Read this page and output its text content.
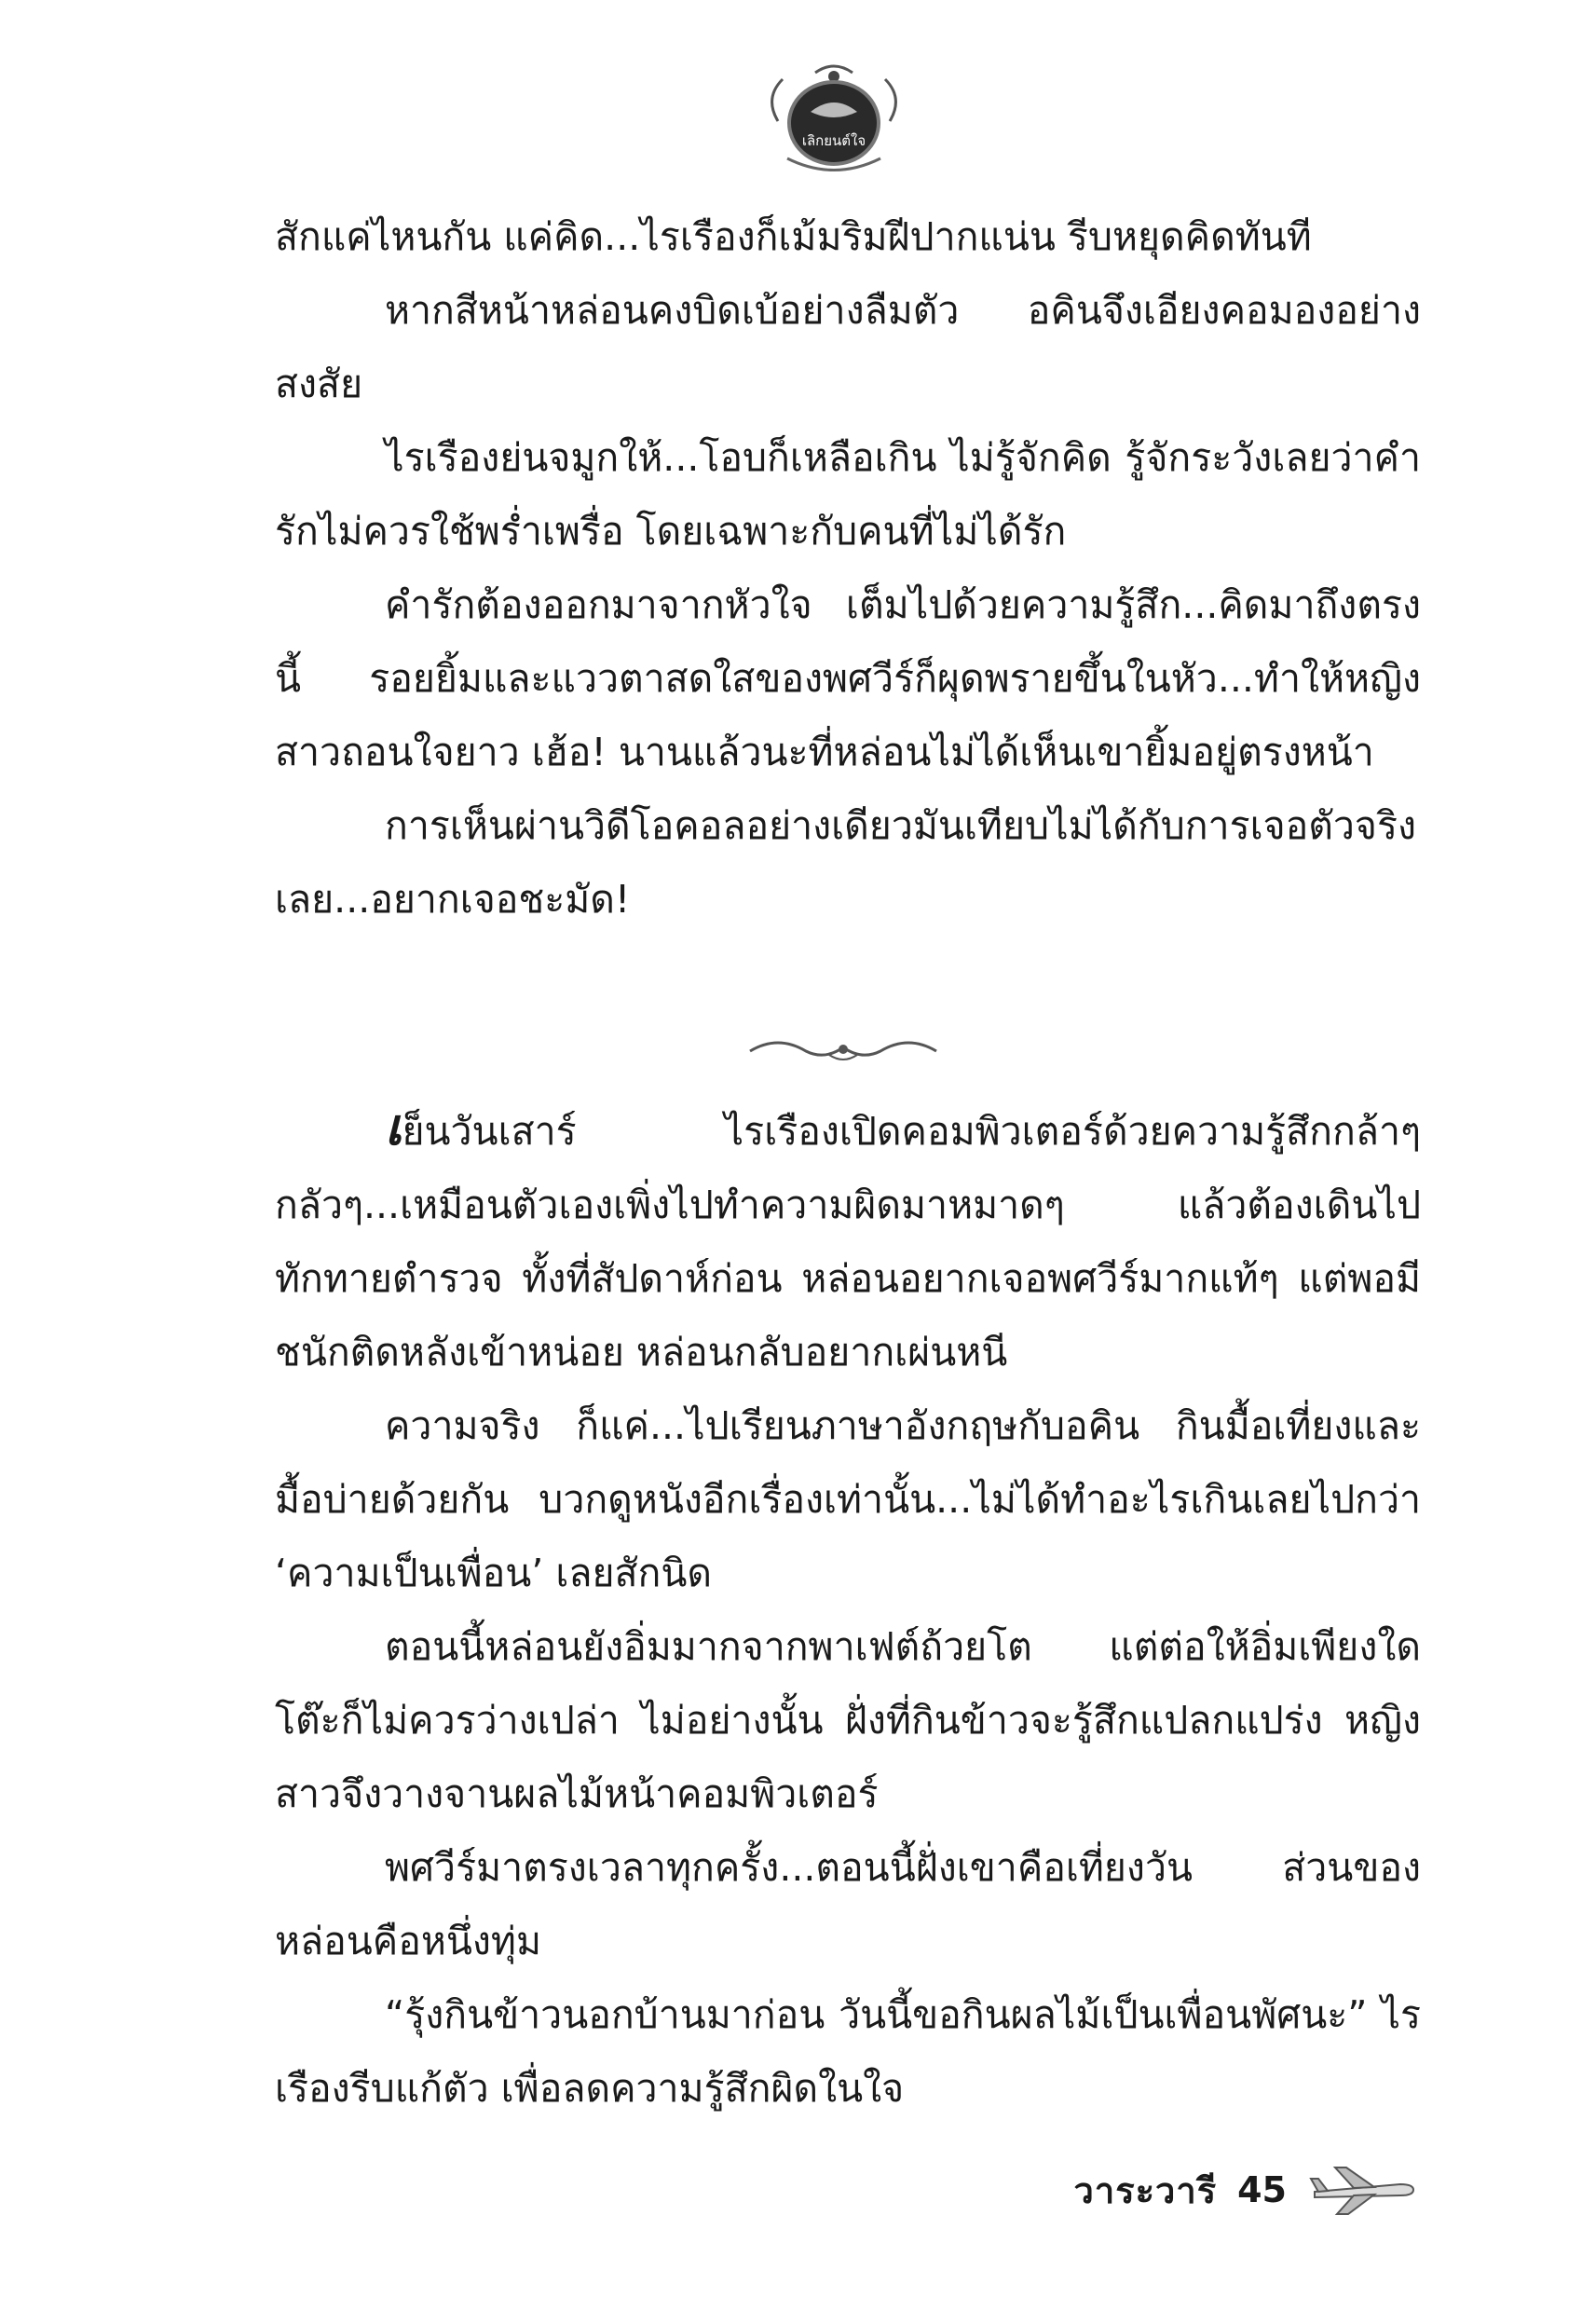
เลิกยนต์ใจ

สักแค่ไหนกัน แค่คิด...ไรเรืองก็เม้มริมฝีปากแน่น รีบหยุดคิดทันที

หากสีหน้าหล่อนคงบิดเบ้อย่างลืมตัว อคินจึงเอียงคอมองอย่างสงสัย

ไรเรืองย่นจมูกให้...โอบก็เหลือเกิน ไม่รู้จักคิด รู้จักระวังเลยว่าคำรักไม่ควรใช้พร่ำเพรื่อ โดยเฉพาะกับคนที่ไม่ได้รัก

คำรักต้องออกมาจากหัวใจ เต็มไปด้วยความรู้สึก...คิดมาถึงตรงนี้ รอยยิ้มและแววตาสดใสของพศวีร์ก็ผุดพรายขึ้นในหัว...ทำให้หญิงสาวถอนใจยาว เฮ้อ! นานแล้วนะที่หล่อนไม่ได้เห็นเขายิ้มอยู่ตรงหน้า

การเห็นผ่านวิดีโอคอลอย่างเดียวมันเทียบไม่ได้กับการเจอตัวจริงเลย...อยากเจอชะมัด!

เย็นวันเสาร์ ไรเรืองเปิดคอมพิวเตอร์ด้วยความรู้สึกกล้าๆ กลัวๆ...เหมือนตัวเองเพิ่งไปทำความผิดมาหมาดๆ แล้วต้องเดินไปทักทายตำรวจ ทั้งที่สัปดาห์ก่อน หล่อนอยากเจอพศวีร์มากแท้ๆ แต่พอมีชนักติดหลังเข้าหน่อย หล่อนกลับอยากเผ่นหนี

ความจริง ก็แค่...ไปเรียนภาษาอังกฤษกับอคิน กินมื้อเที่ยงและมื้อบ่ายด้วยกัน บวกดูหนังอีกเรื่องเท่านั้น...ไม่ได้ทำอะไรเกินเลยไปกว่า ‘ความเป็นเพื่อน’ เลยสักนิด

ตอนนี้หล่อนยังอิ่มมากจากพาเฟต์ถ้วยโต แต่ต่อให้อิ่มเพียงใด โต๊ะก็ไม่ควรว่างเปล่า ไม่อย่างนั้น ฝั่งที่กินข้าวจะรู้สึกแปลกแปร่ง หญิงสาวจึงวางจานผลไม้หน้าคอมพิวเตอร์

พศวีร์มาตรงเวลาทุกครั้ง...ตอนนี้ฝั่งเขาคือเที่ยงวัน ส่วนของหล่อนคือหนึ่งทุ่ม

“รุ้งกินข้าวนอกบ้านมาก่อน วันนี้ขอกินผลไม้เป็นเพื่อนพัศนะ” ไรเรืองรีบแก้ตัว เพื่อลดความรู้สึกผิดในใจ

วาระวารี 45
